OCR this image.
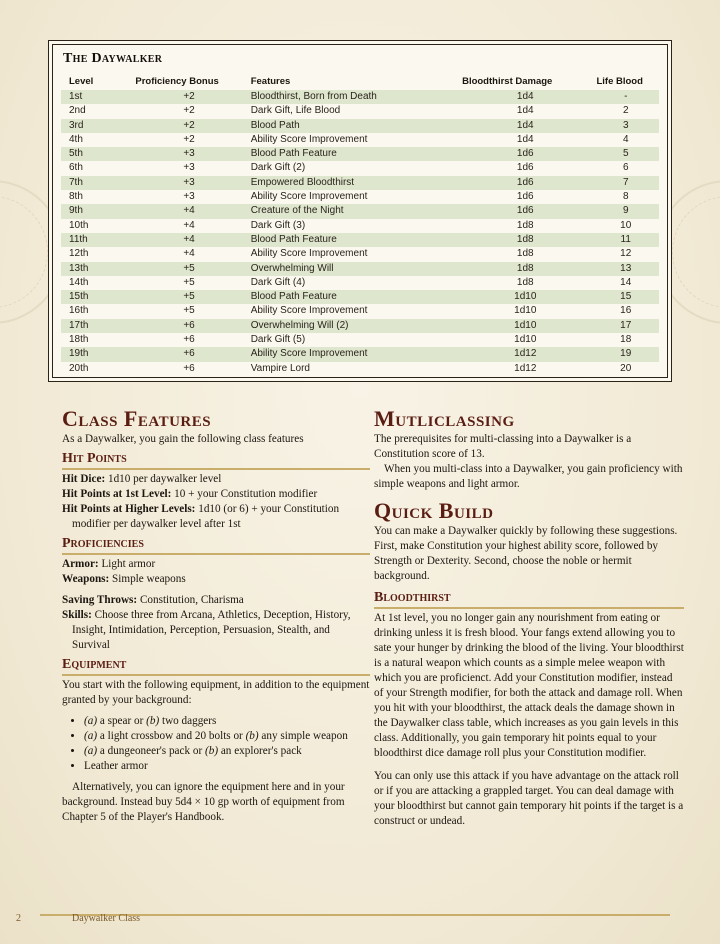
The Daywalker
Level	Proficiency Bonus	Features	Bloodthirst Damage	Life Blood
1st	+2	Bloodthirst, Born from Death	1d4	-
2nd	+2	Dark Gift, Life Blood	1d4	2
3rd	+2	Blood Path	1d4	3
4th	+2	Ability Score Improvement	1d4	4
5th	+3	Blood Path Feature	1d6	5
6th	+3	Dark Gift (2)	1d6	6
7th	+3	Empowered Bloodthirst	1d6	7
8th	+3	Ability Score Improvement	1d6	8
9th	+4	Creature of the Night	1d6	9
10th	+4	Dark Gift (3)	1d8	10
11th	+4	Blood Path Feature	1d8	11
12th	+4	Ability Score Improvement	1d8	12
13th	+5	Overwhelming Will	1d8	13
14th	+5	Dark Gift (4)	1d8	14
15th	+5	Blood Path Feature	1d10	15
16th	+5	Ability Score Improvement	1d10	16
17th	+6	Overwhelming Will (2)	1d10	17
18th	+6	Dark Gift (5)	1d10	18
19th	+6	Ability Score Improvement	1d12	19
20th	+6	Vampire Lord	1d12	20
Class Features

As a Daywalker, you gain the following class features

Hit Points

Hit Dice: 1d10 per daywalker level

Hit Points at 1st Level: 10 + your Constitution modifier

Hit Points at Higher Levels: 1d10 (or 6) + your Constitution modifier per daywalker level after 1st

Proficiencies

Armor: Light armor

Weapons: Simple weapons

Saving Throws: Constitution, Charisma

Skills: Choose three from Arcana, Athletics, Deception, History, Insight, Intimidation, Perception, Persuasion, Stealth, and Survival

Equipment

You start with the following equipment, in addition to the equipment granted by your background:

• (a) a spear or (b) two daggers
• (a) a light crossbow and 20 bolts or (b) any simple weapon
• (a) a dungeoneer's pack or (b) an explorer's pack
• Leather armor

Alternatively, you can ignore the equipment here and in your background. Instead buy 5d4 × 10 gp worth of equipment from Chapter 5 of the Player's Handbook.

Mutliclassing

The prerequisites for multi-classing into a Daywalker is a Constitution score of 13.

When you multi-class into a Daywalker, you gain proficiency with simple weapons and light armor.

Quick Build

You can make a Daywalker quickly by following these suggestions. First, make Constitution your highest ability score, followed by Strength or Dexterity. Second, choose the noble or hermit background.

Bloodthirst

At 1st level, you no longer gain any nourishment from eating or drinking unless it is fresh blood. Your fangs extend allowing you to sate your hunger by drinking the blood of the living. Your bloodthirst is a natural weapon which counts as a simple melee weapon with which you are proficienct. Add your Constitution modifier, instead of your Strength modifier, for both the attack and damage roll. When you hit with your bloodthirst, the attack deals the damage shown in the Daywalker class table, which increases as you gain levels in this class. Additionally, you gain temporary hit points equal to your bloodthirst dice damage roll plus your Constitution modifier.

You can only use this attack if you have advantage on the attack roll or if you are attacking a grappled target. You can deal damage with your bloodthirst but cannot gain temporary hit points if the target is a construct or undead.

2	Daywalker Class
